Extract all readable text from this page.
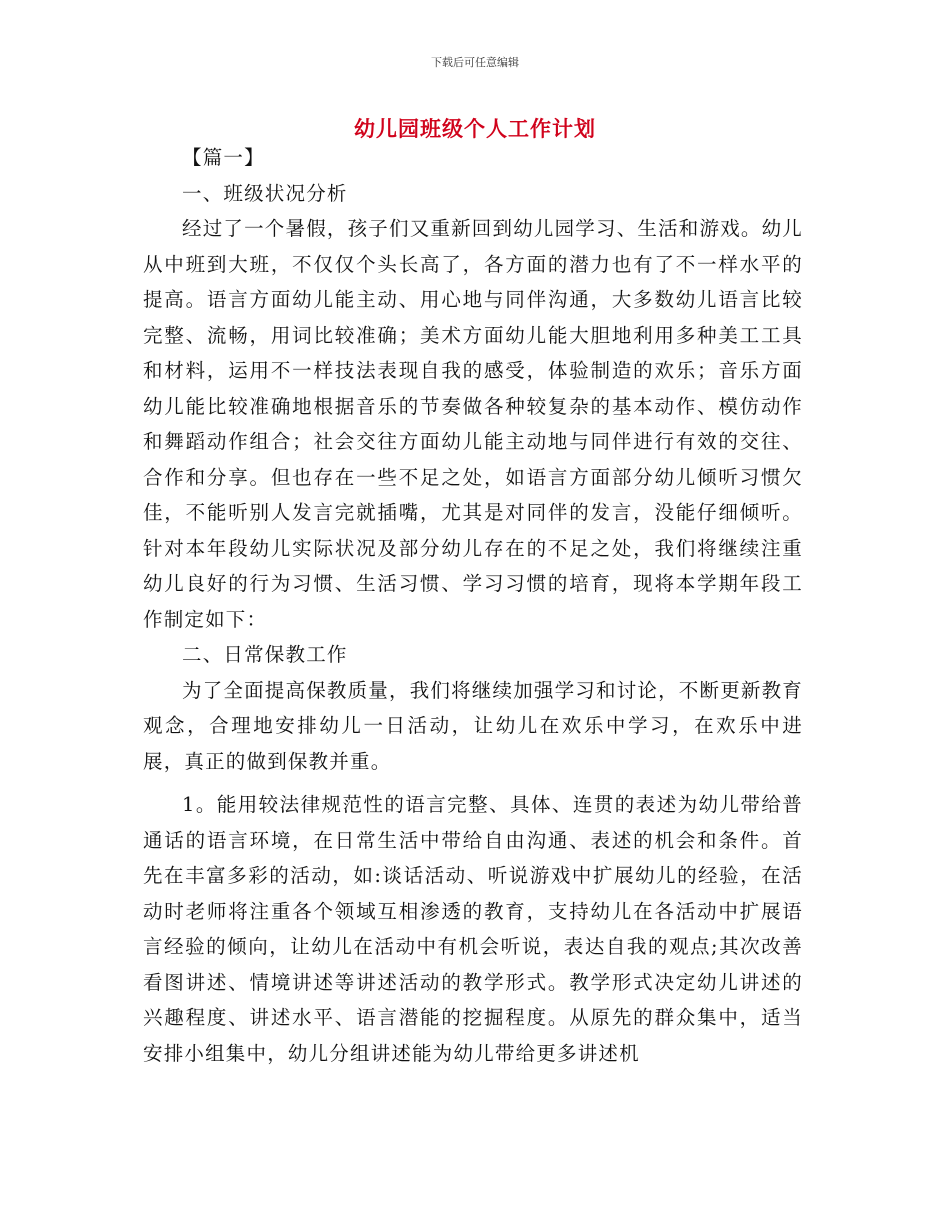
下载后可任意编辑
幼儿园班级个人工作计划

【篇一】

一、班级状况分析

经过了一个暑假，孩子们又重新回到幼儿园学习、生活和游戏。幼儿从中班到大班，不仅仅个头长高了，各方面的潜力也有了不一样水平的提高。语言方面幼儿能主动、用心地与同伴沟通，大多数幼儿语言比较完整、流畅，用词比较准确；美术方面幼儿能大胆地利用多种美工工具和材料，运用不一样技法表现自我的感受，体验制造的欢乐；音乐方面幼儿能比较准确地根据音乐的节奏做各种较复杂的基本动作、模仿动作和舞蹈动作组合；社会交往方面幼儿能主动地与同伴进行有效的交往、合作和分享。但也存在一些不足之处，如语言方面部分幼儿倾听习惯欠佳，不能听别人发言完就插嘴，尤其是对同伴的发言，没能仔细倾听。针对本年段幼儿实际状况及部分幼儿存在的不足之处，我们将继续注重幼儿良好的行为习惯、生活习惯、学习习惯的培育，现将本学期年段工作制定如下：

二、日常保教工作

为了全面提高保教质量，我们将继续加强学习和讨论，不断更新教育观念，合理地安排幼儿一日活动，让幼儿在欢乐中学习，在欢乐中进展，真正的做到保教并重。

1。能用较法律规范性的语言完整、具体、连贯的表述为幼儿带给普通话的语言环境，在日常生活中带给自由沟通、表述的机会和条件。首先在丰富多彩的活动，如:谈话活动、听说游戏中扩展幼儿的经验，在活动时老师将注重各个领域互相渗透的教育，支持幼儿在各活动中扩展语言经验的倾向，让幼儿在活动中有机会听说，表达自我的观点;其次改善看图讲述、情境讲述等讲述活动的教学形式。教学形式决定幼儿讲述的兴趣程度、讲述水平、语言潜能的挖掘程度。从原先的群众集中，适当安排小组集中，幼儿分组讲述能为幼儿带给更多讲述机
